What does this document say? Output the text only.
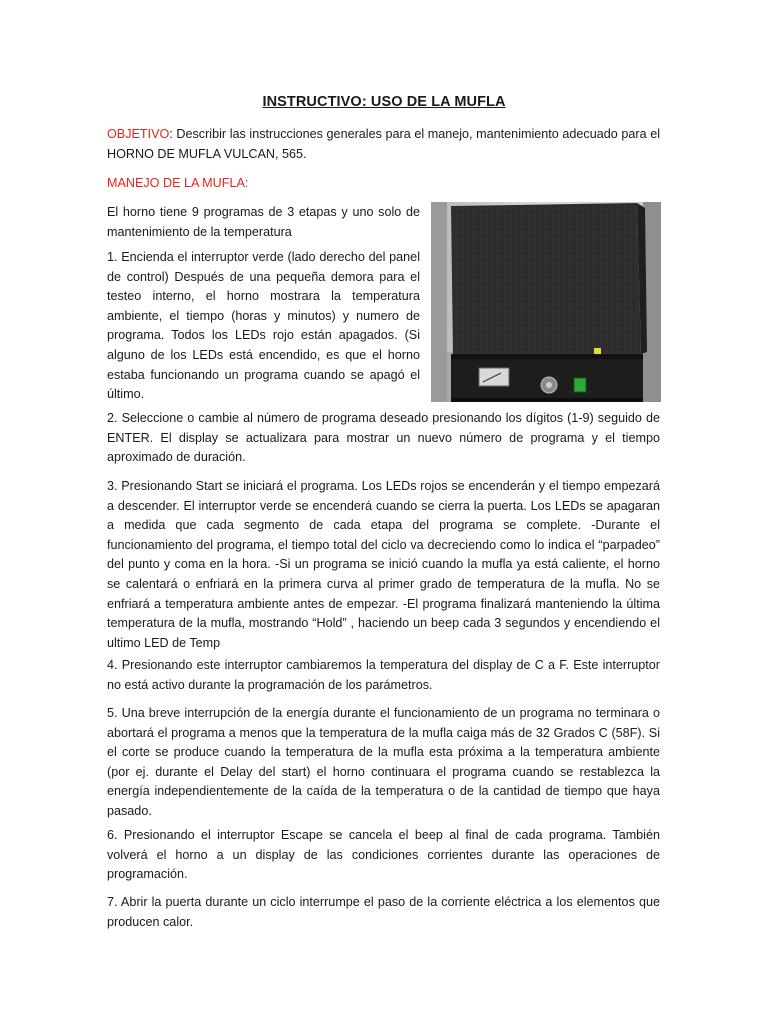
INSTRUCTIVO: USO DE LA MUFLA

OBJETIVO: Describir las instrucciones generales para el manejo, mantenimiento adecuado para el HORNO DE MUFLA VULCAN, 565.

MANEJO DE LA MUFLA:

El horno tiene 9 programas de 3 etapas y uno solo de mantenimiento de la temperatura

1. Encienda el interruptor verde (lado derecho del panel de control) Después de una pequeña demora para el testeo interno, el horno mostrara la temperatura ambiente, el tiempo (horas y minutos) y numero de programa. Todos los LEDs rojo están apagados. (Si alguno de los LEDs está encendido, es que el horno estaba funcionando un programa cuando se apagó el último.

2. Seleccione o cambie al número de programa deseado presionando los dígitos (1-9) seguido de ENTER. El display se actualizara para mostrar un nuevo número de programa y el tiempo aproximado de duración.

3. Presionando Start se iniciará el programa. Los LEDs rojos se encenderán y el tiempo empezará a descender. El interruptor verde se encenderá cuando se cierra la puerta. Los LEDs se apagaran a medida que cada segmento de cada etapa del programa se complete. -Durante el funcionamiento del programa, el tiempo total del ciclo va decreciendo como lo indica el “parpadeo” del punto y coma en la hora. -Si un programa se inició cuando la mufla ya está caliente, el horno se calentará o enfriará en la primera curva al primer grado de temperatura de la mufla. No se enfriará a temperatura ambiente antes de empezar. -El programa finalizará manteniendo la última temperatura de la mufla, mostrando “Hold” , haciendo un beep cada 3 segundos y encendiendo el ultimo LED de Temp

4. Presionando este interruptor cambiaremos la temperatura del display de C a F. Este interruptor no está activo durante la programación de los parámetros.

5. Una breve interrupción de la energía durante el funcionamiento de un programa no terminara o abortará el programa a menos que la temperatura de la mufla caiga más de 32 Grados C (58F). Si el corte se produce cuando la temperatura de la mufla esta próxima a la temperatura ambiente (por ej. durante el Delay del start) el horno continuara el programa cuando se restablezca la energía independientemente de la caída de la temperatura o de la cantidad de tiempo que haya pasado.

6. Presionando el interruptor Escape se cancela el beep al final de cada programa. También volverá el horno a un display de las condiciones corrientes durante las operaciones de programación.

7. Abrir la puerta durante un ciclo interrumpe el paso de la corriente eléctrica a los elementos que producen calor.
